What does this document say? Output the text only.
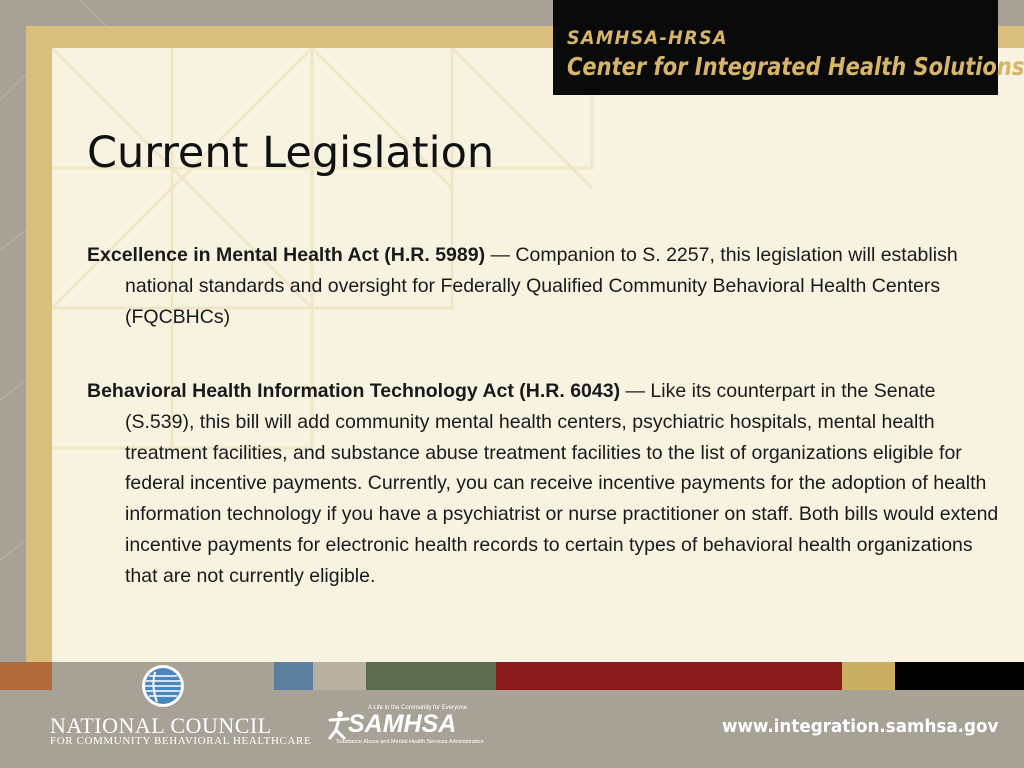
SAMHSA-HRSA
Center for Integrated Health Solutions
Current Legislation
Excellence in Mental Health Act (H.R. 5989) — Companion to S. 2257, this legislation will establish national standards and oversight for Federally Qualified Community Behavioral Health Centers (FQCBHCs)
Behavioral Health Information Technology Act (H.R. 6043) — Like its counterpart in the Senate (S.539), this bill will add community mental health centers, psychiatric hospitals, mental health treatment facilities, and substance abuse treatment facilities to the list of organizations eligible for federal incentive payments. Currently, you can receive incentive payments for the adoption of health information technology if you have a psychiatrist or nurse practitioner on staff. Both bills would extend incentive payments for electronic health records to certain types of behavioral health organizations that are not currently eligible.
NATIONAL COUNCIL
FOR COMMUNITY BEHAVIORAL HEALTHCARE
A Life in the Community for Everyone
SAMHSA
Substance Abuse and Mental Health Services Administration
www.integration.samhsa.gov
